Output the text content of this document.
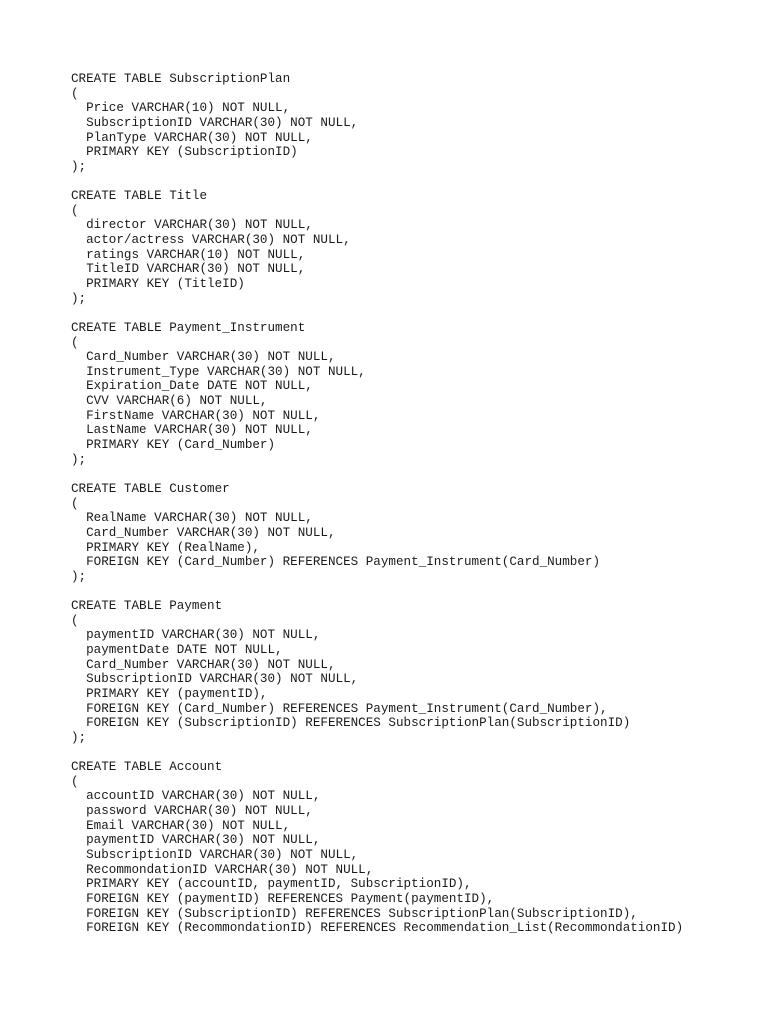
CREATE TABLE SubscriptionPlan
(
Price VARCHAR(10) NOT NULL,
SubscriptionID VARCHAR(30) NOT NULL,
PlanType VARCHAR(30) NOT NULL,
PRIMARY KEY (SubscriptionID)
);
CREATE TABLE Title
(
director VARCHAR(30) NOT NULL,
actor/actress VARCHAR(30) NOT NULL,
ratings VARCHAR(10) NOT NULL,
TitleID VARCHAR(30) NOT NULL,
PRIMARY KEY (TitleID)
);
CREATE TABLE Payment_Instrument
(
Card_Number VARCHAR(30) NOT NULL,
Instrument_Type VARCHAR(30) NOT NULL,
Expiration_Date DATE NOT NULL,
CVV VARCHAR(6) NOT NULL,
FirstName VARCHAR(30) NOT NULL,
LastName VARCHAR(30) NOT NULL,
PRIMARY KEY (Card_Number)
);
CREATE TABLE Customer
(
RealName VARCHAR(30) NOT NULL,
Card_Number VARCHAR(30) NOT NULL,
PRIMARY KEY (RealName),
FOREIGN KEY (Card_Number) REFERENCES Payment_Instrument(Card_Number)
);
CREATE TABLE Payment
(
paymentID VARCHAR(30) NOT NULL,
paymentDate DATE NOT NULL,
Card_Number VARCHAR(30) NOT NULL,
SubscriptionID VARCHAR(30) NOT NULL,
PRIMARY KEY (paymentID),
FOREIGN KEY (Card_Number) REFERENCES Payment_Instrument(Card_Number),
FOREIGN KEY (SubscriptionID) REFERENCES SubscriptionPlan(SubscriptionID)
);
CREATE TABLE Account
(
accountID VARCHAR(30) NOT NULL,
password VARCHAR(30) NOT NULL,
Email VARCHAR(30) NOT NULL,
paymentID VARCHAR(30) NOT NULL,
SubscriptionID VARCHAR(30) NOT NULL,
RecommondationID VARCHAR(30) NOT NULL,
PRIMARY KEY (accountID, paymentID, SubscriptionID),
FOREIGN KEY (paymentID) REFERENCES Payment(paymentID),
FOREIGN KEY (SubscriptionID) REFERENCES SubscriptionPlan(SubscriptionID),
FOREIGN KEY (RecommondationID) REFERENCES Recommendation_List(RecommondationID)
